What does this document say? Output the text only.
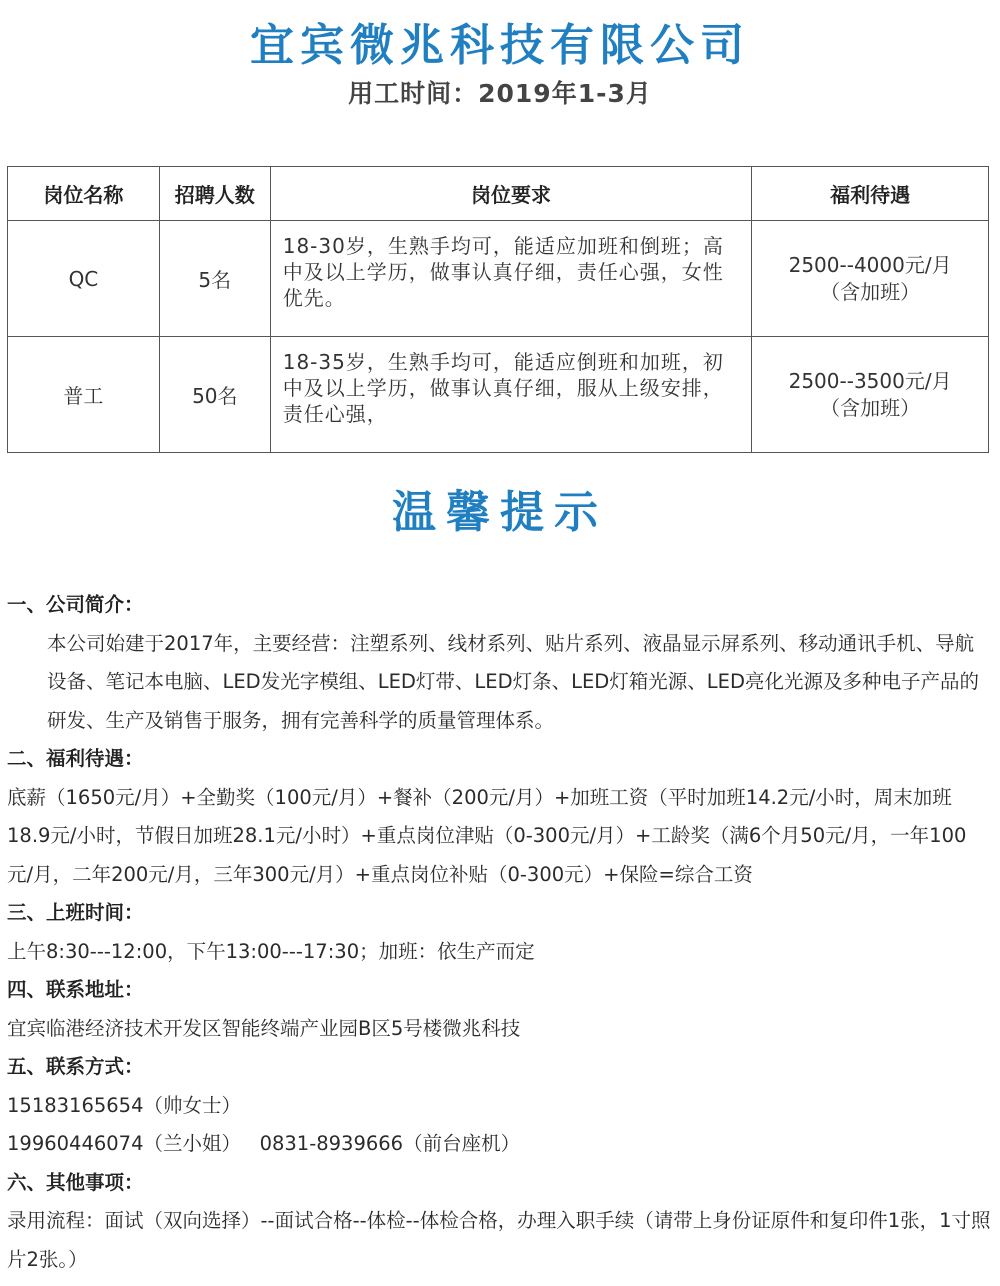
宜宾微兆科技有限公司
用工时间：2019年1-3月
岗位名称	招聘人数	岗位要求	福利待遇
QC	5名	18-30岁，生熟手均可，能适应加班和倒班；高中及以上学历，做事认真仔细，责任心强，女性优先。	2500--4000元/月
（含加班）

普工	50名	18-35岁，生熟手均可，能适应倒班和加班，初中及以上学历，做事认真仔细，服从上级安排，责任心强，	2500--3500元/月
（含加班）
温馨提示
一、公司简介：
本公司始建于2017年，主要经营：注塑系列、线材系列、贴片系列、液晶显示屏系列、移动通讯手机、导航设备、笔记本电脑、LED发光字模组、LED灯带、LED灯条、LED灯箱光源、LED亮化光源及多种电子产品的研发、生产及销售于服务，拥有完善科学的质量管理体系。
二、福利待遇：
底薪（1650元/月）+全勤奖（100元/月）+餐补（200元/月）+加班工资（平时加班14.2元/小时，周末加班18.9元/小时，节假日加班28.1元/小时）+重点岗位津贴（0-300元/月）+工龄奖（满6个月50元/月，一年100元/月，二年200元/月，三年300元/月）+重点岗位补贴（0-300元）+保险=综合工资
三、上班时间：
上午8:30---12:00，下午13:00---17:30；加班：依生产而定
四、联系地址：
宜宾临港经济技术开发区智能终端产业园B区5号楼微兆科技
五、联系方式：
15183165654（帅女士）
19960446074（兰小姐）   0831-8939666（前台座机）
六、其他事项：
录用流程：面试（双向选择）--面试合格--体检--体检合格，办理入职手续（请带上身份证原件和复印件1张，1寸照片2张。）
